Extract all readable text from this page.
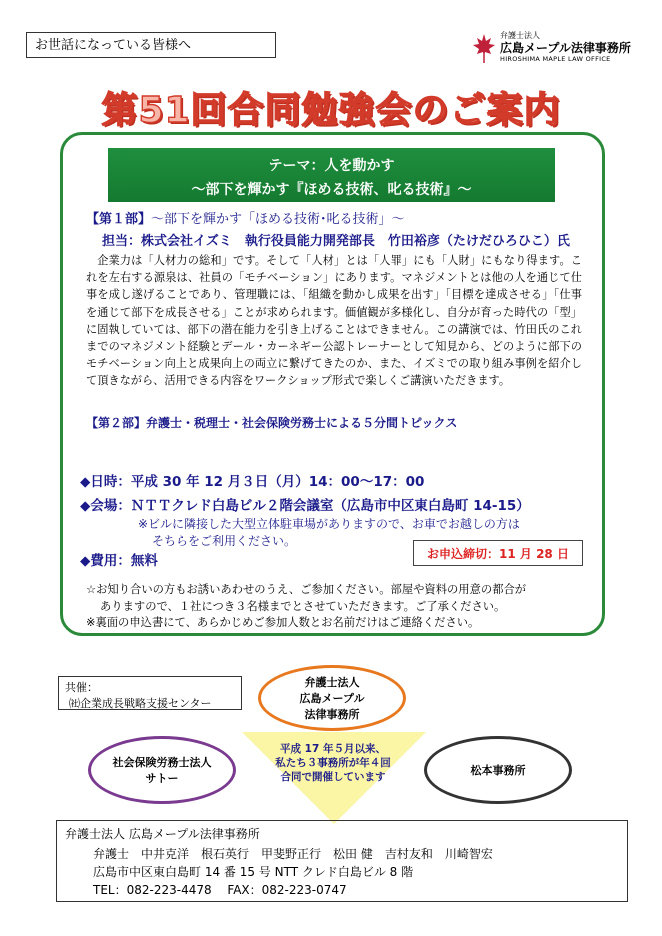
お世話になっている皆様へ
弁護士法人
広島メープル法律事務所
HIROSHIMA MAPLE LAW OFFICE
第51回合同勉強会のご案内
テーマ：人を動かす
～部下を輝かす『ほめる技術、叱る技術』～
【第１部】～部下を輝かす「ほめる技術･叱る技術」～
担当：株式会社イズミ　執行役員能力開発部長　竹田裕彦（たけだひろひこ）氏
企業力は「人材力の総和」です。そして「人材」とは「人罪」にも「人財」にもなり得ます。これを左右する源泉は、社員の「モチベーション」にあります。マネジメントとは他の人を通じて仕事を成し遂げることであり、管理職には、「組織を動かし成果を出す」「目標を達成させる」「仕事を通じて部下を成長させる」ことが求められます。価値観が多様化し、自分が育った時代の「型」に固執していては、部下の潜在能力を引き上げることはできません。この講演では、竹田氏のこれまでのマネジメント経験とデール・カーネギー公認トレーナーとして知見から、どのように部下のモチベーション向上と成果向上の両立に繋げてきたのか、また、イズミでの取り組み事例を紹介して頂きながら、活用できる内容をワークショップ形式で楽しくご講演いただきます。
【第２部】弁護士・税理士・社会保険労務士による５分間トピックス
◆日時：平成 30 年 12 月３日（月）14：00～17：00
◆会場：ＮＴＴクレド白島ビル２階会議室（広島市中区東白島町 14-15）
※ビルに隣接した大型立体駐車場がありますので、お車でお越しの方は
そちらをご利用ください。
◆費用：無料	お申込締切：11 月 28 日
☆お知り合いの方もお誘いあわせのうえ、ご参加ください。部屋や資料の用意の都合が
ありますので、１社につき３名様までとさせていただきます。ご了承ください。
※裏面の申込書にて、あらかじめご参加人数とお名前だけはご連絡ください。
共催：
㈳企業成長戦略支援センター
平成 17 年５月以来、
私たち３事務所が年４回
合同で開催しています
弁護士法人
広島メープル
法律事務所
社会保険労務士法人
サトー
松本事務所
弁護士法人 広島メープル法律事務所
弁護士　中井克洋　根石英行　甲斐野正行　松田 健　吉村友和　川崎智宏
広島市中区東白島町 14 番 15 号 NTT クレド白島ビル 8 階
TEL：082-223-4478　 FAX：082-223-0747
